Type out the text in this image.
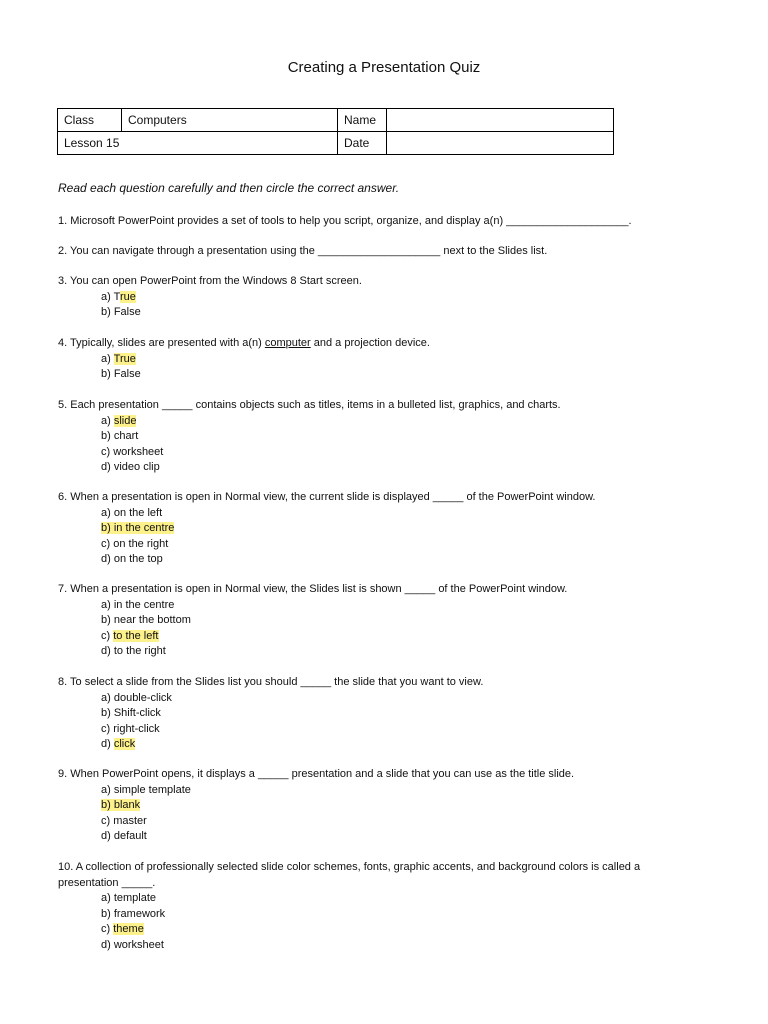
Creating a Presentation Quiz
Class	Computers	Name	
Lesson 15		Date	
Read each question carefully and then circle the correct answer.
1. Microsoft PowerPoint provides a set of tools to help you script, organize, and display a(n) ____________________.
2. You can navigate through a presentation using the ____________________ next to the Slides list.
3. You can open PowerPoint from the Windows 8 Start screen.
a) True
b) False
4. Typically, slides are presented with a(n) computer and a projection device.
a) True
b) False
5. Each presentation _____ contains objects such as titles, items in a bulleted list, graphics, and charts.
a) slide
b) chart
c) worksheet
d) video clip
6. When a presentation is open in Normal view, the current slide is displayed _____ of the PowerPoint window.
a) on the left
b) in the centre
c) on the right
d) on the top
7. When a presentation is open in Normal view, the Slides list is shown _____ of the PowerPoint window.
a) in the centre
b) near the bottom
c) to the left
d) to the right
8. To select a slide from the Slides list you should _____ the slide that you want to view.
a) double-click
b) Shift-click
c) right-click
d) click
9. When PowerPoint opens, it displays a _____ presentation and a slide that you can use as the title slide.
a) simple template
b) blank
c) master
d) default
10. A collection of professionally selected slide color schemes, fonts, graphic accents, and background colors is called a presentation _____.
a) template
b) framework
c) theme
d) worksheet
